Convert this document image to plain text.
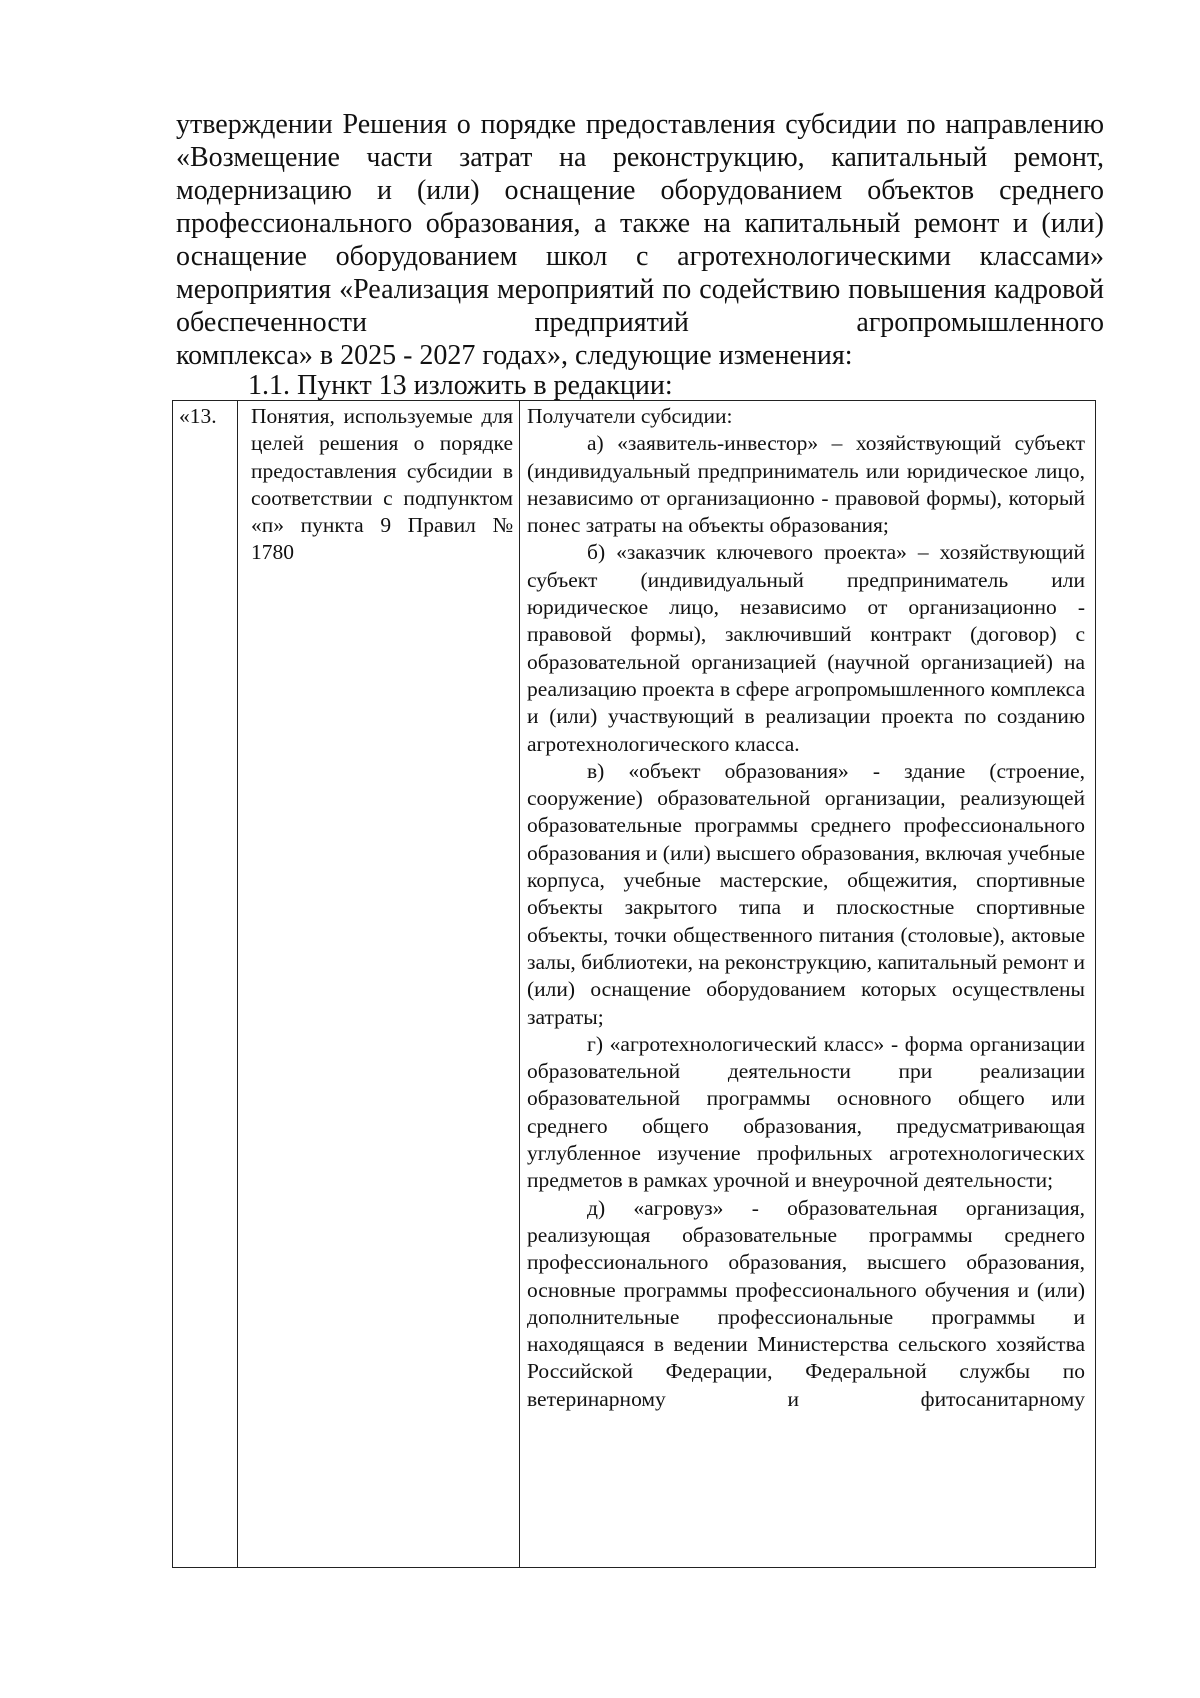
утверждении Решения о порядке предоставления субсидии по направлению «Возмещение части затрат на реконструкцию, капитальный ремонт, модернизацию и (или) оснащение оборудованием объектов среднего профессионального образования, а также на капитальный ремонт и (или) оснащение оборудованием школ с агротехнологическими классами» мероприятия «Реализация мероприятий по содействию повышения кадровой обеспеченности предприятий агропромышленного

комплекса» в 2025 - 2027 годах», следующие изменения:

1.1. Пункт 13 изложить в редакции:

«13. Понятия, используемые для целей решения о порядке предоставления субсидии в соответствии с подпунктом «п» пункта 9 Правил № 1780

Получатели субсидии:

а) «заявитель-инвестор» – хозяйствующий субъект (индивидуальный предприниматель или юридическое лицо, независимо от организационно - правовой формы), который понес затраты на объекты образования;

б) «заказчик ключевого проекта» – хозяйствующий субъект (индивидуальный предприниматель или юридическое лицо, независимо от организационно - правовой формы), заключивший контракт (договор) с образовательной организацией (научной организацией) на реализацию проекта в сфере агропромышленного комплекса и (или) участвующий в реализации проекта по созданию агротехнологического класса.

в) «объект образования» - здание (строение, сооружение) образовательной организации, реализующей образовательные программы среднего профессионального образования и (или) высшего образования, включая учебные корпуса, учебные мастерские, общежития, спортивные объекты закрытого типа и плоскостные спортивные объекты, точки общественного питания (столовые), актовые залы, библиотеки, на реконструкцию, капитальный ремонт и (или) оснащение оборудованием которых осуществлены затраты;

г) «агротехнологический класс» - форма организации образовательной деятельности при реализации образовательной программы основного общего или среднего общего образования, предусматривающая углубленное изучение профильных агротехнологических предметов в рамках урочной и внеурочной деятельности;

д) «агровуз» - образовательная организация, реализующая образовательные программы среднего профессионального образования, высшего образования, основные программы профессионального обучения и (или) дополнительные профессиональные программы и находящаяся в ведении Министерства сельского хозяйства Российской Федерации, Федеральной службы по ветеринарному и фитосанитарному
